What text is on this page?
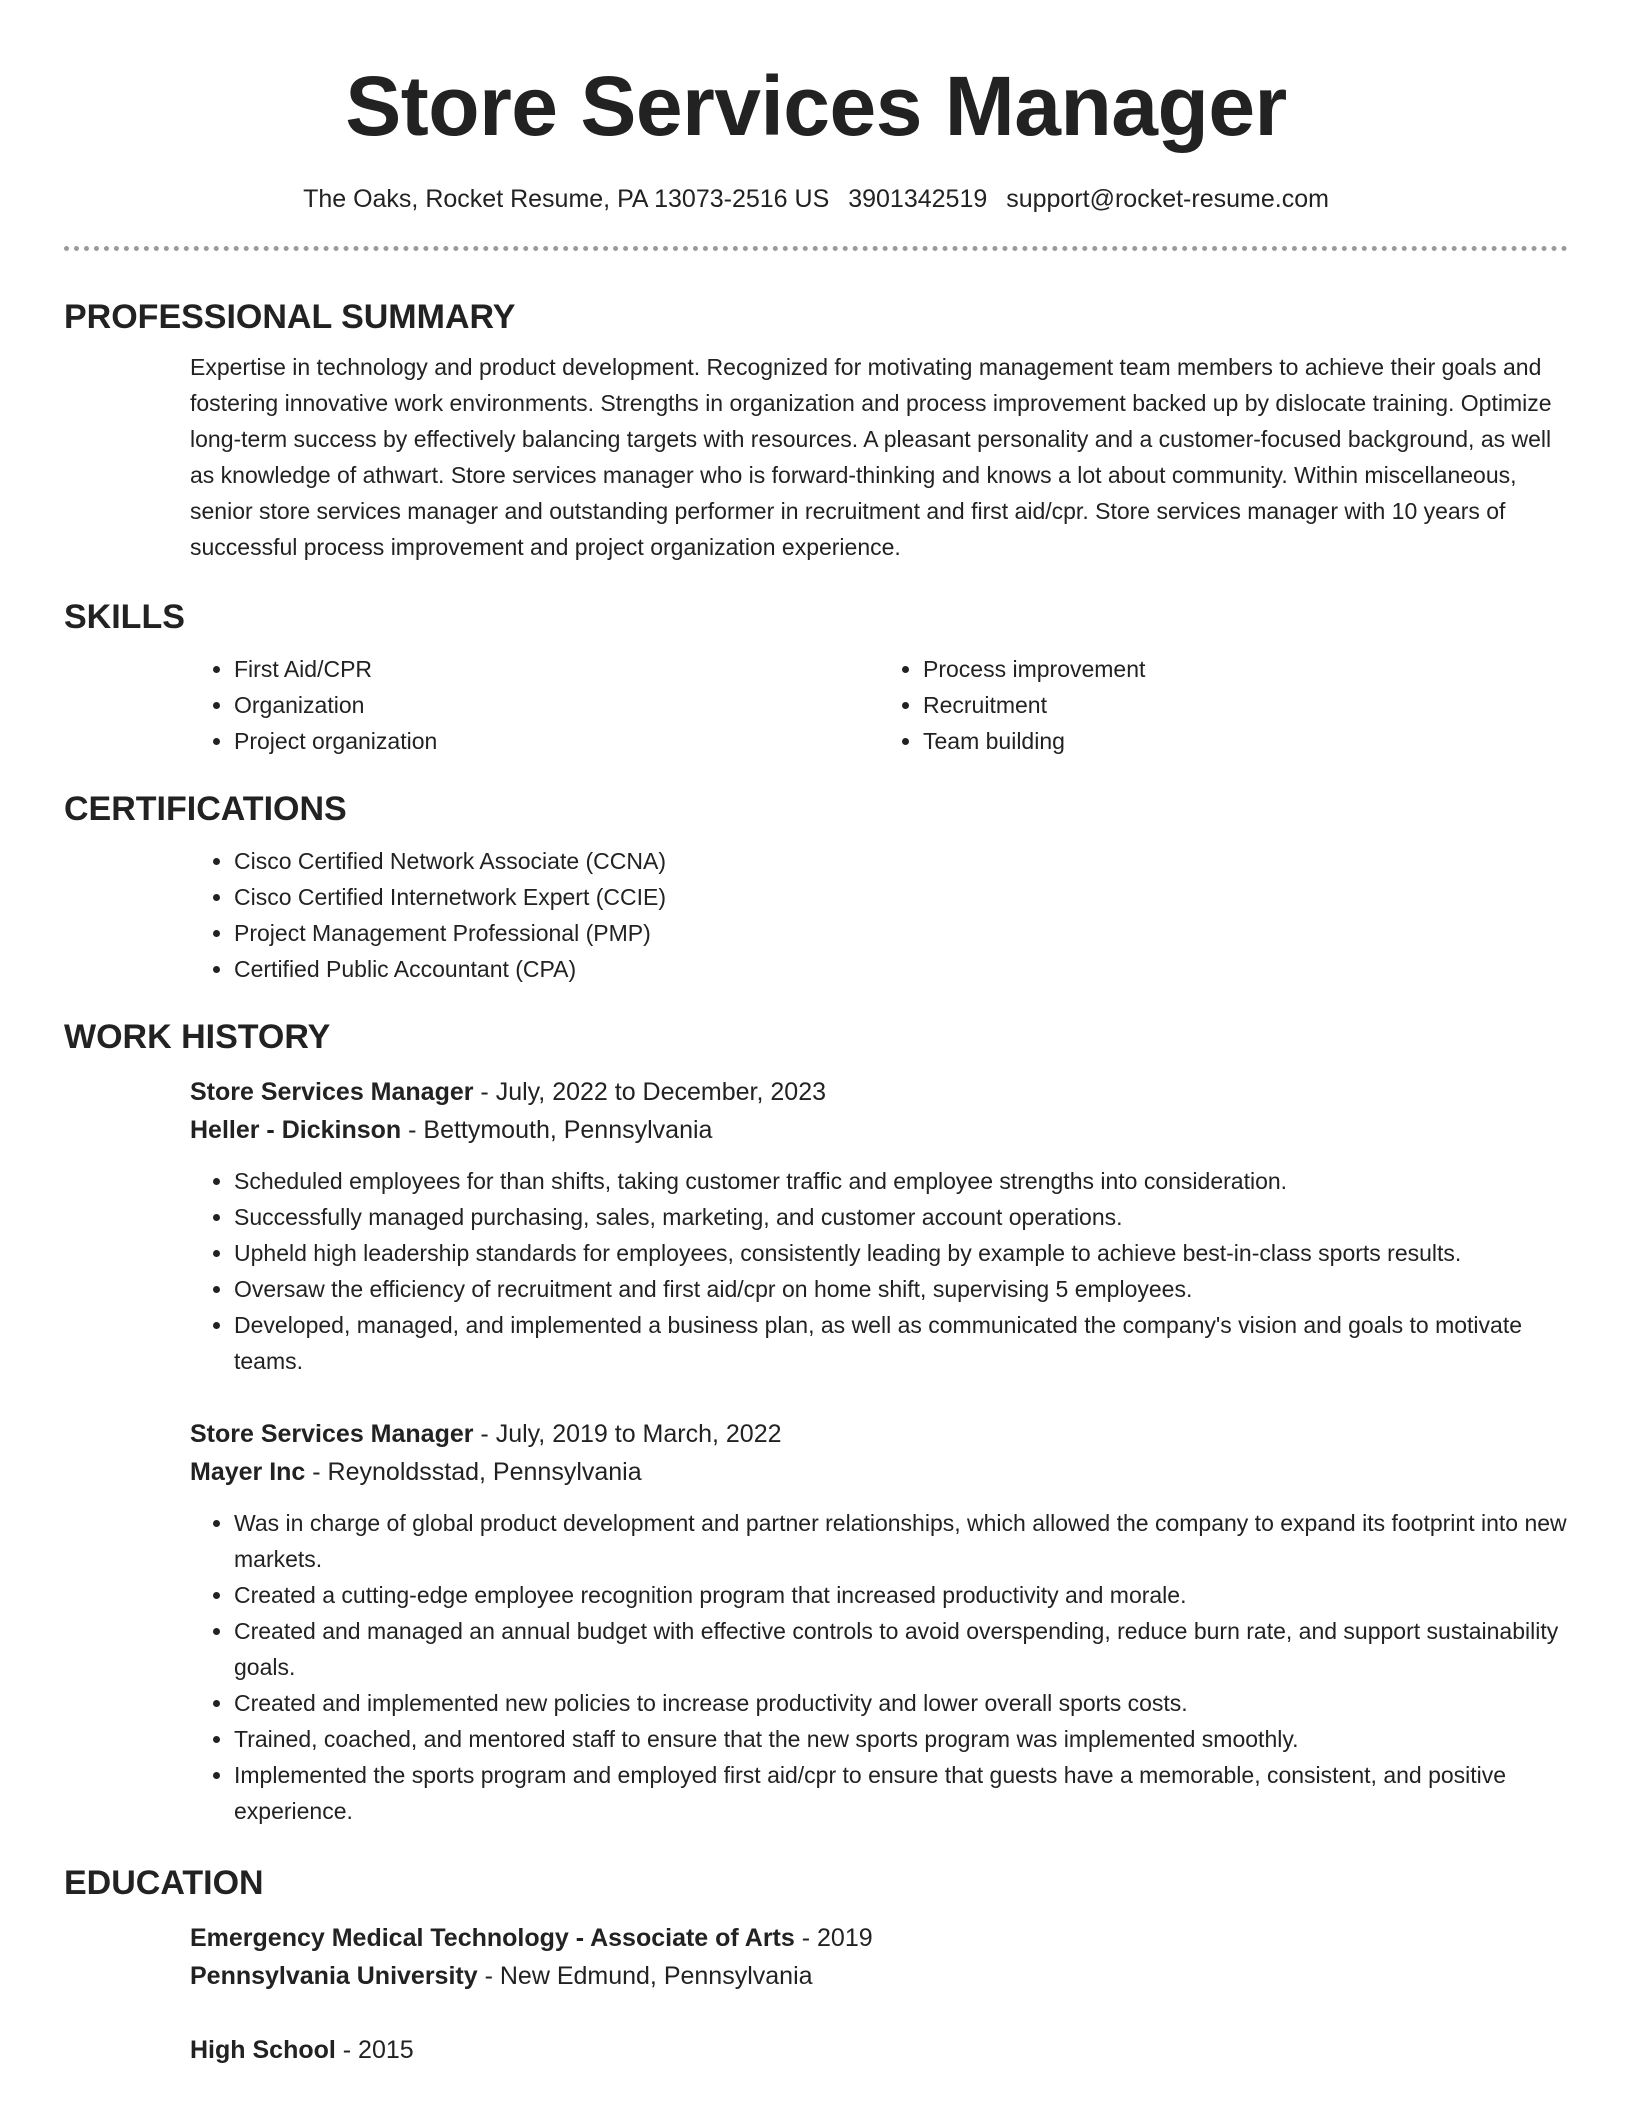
Store Services Manager
The Oaks, Rocket Resume, PA 13073-2516 US 3901342519 support@rocket-resume.com
PROFESSIONAL SUMMARY

Expertise in technology and product development. Recognized for motivating management team members to achieve their goals and fostering innovative work environments. Strengths in organization and process improvement backed up by dislocate training. Optimize long-term success by effectively balancing targets with resources. A pleasant personality and a customer-focused background, as well as knowledge of athwart. Store services manager who is forward-thinking and knows a lot about community. Within miscellaneous, senior store services manager and outstanding performer in recruitment and first aid/cpr. Store services manager with 10 years of successful process improvement and project organization experience.

SKILLS
• First Aid/CPR
• Organization
• Project organization
• Process improvement
• Recruitment
• Team building
CERTIFICATIONS
• Cisco Certified Network Associate (CCNA)
• Cisco Certified Internetwork Expert (CCIE)
• Project Management Professional (PMP)
• Certified Public Accountant (CPA)
WORK HISTORY
Store Services Manager - July, 2022 to December, 2023
Heller - Dickinson - Bettymouth, Pennsylvania
• Scheduled employees for than shifts, taking customer traffic and employee strengths into consideration.
• Successfully managed purchasing, sales, marketing, and customer account operations.
• Upheld high leadership standards for employees, consistently leading by example to achieve best-in-class sports results.
• Oversaw the efficiency of recruitment and first aid/cpr on home shift, supervising 5 employees.
• Developed, managed, and implemented a business plan, as well as communicated the company's vision and goals to motivate teams.
Store Services Manager - July, 2019 to March, 2022
Mayer Inc - Reynoldsstad, Pennsylvania
• Was in charge of global product development and partner relationships, which allowed the company to expand its footprint into new markets.
• Created a cutting-edge employee recognition program that increased productivity and morale.
• Created and managed an annual budget with effective controls to avoid overspending, reduce burn rate, and support sustainability goals.
• Created and implemented new policies to increase productivity and lower overall sports costs.
• Trained, coached, and mentored staff to ensure that the new sports program was implemented smoothly.
• Implemented the sports program and employed first aid/cpr to ensure that guests have a memorable, consistent, and positive experience.
EDUCATION
Emergency Medical Technology - Associate of Arts - 2019
Pennsylvania University - New Edmund, Pennsylvania
High School - 2015
